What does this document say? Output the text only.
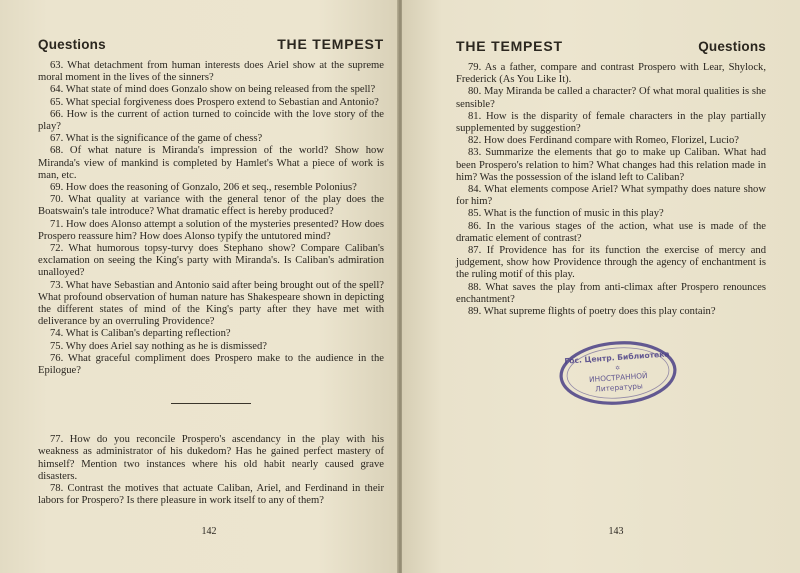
Questions	THE TEMPEST

63. What detachment from human interests does Ariel show at the supreme moral moment in the lives of the sinners?

64. What state of mind does Gonzalo show on being released from the spell?

65. What special forgiveness does Prospero extend to Sebastian and Antonio?

66. How is the current of action turned to coincide with the love story of the play?

67. What is the significance of the game of chess?

68. Of what nature is Miranda's impression of the world? Show how Miranda's view of mankind is completed by Hamlet's What a piece of work is man, etc.

69. How does the reasoning of Gonzalo, 206 et seq., resemble Polonius?

70. What quality at variance with the general tenor of the play does the Boatswain's tale introduce? What dramatic effect is hereby produced?

71. How does Alonso attempt a solution of the mysteries presented? How does Prospero reassure him? How does Alonso typify the untutored mind?

72. What humorous topsy-turvy does Stephano show? Compare Caliban's exclamation on seeing the King's party with Miranda's. Is Caliban's admiration unalloyed?

73. What have Sebastian and Antonio said after being brought out of the spell? What profound observation of human nature has Shakespeare shown in depicting the different states of mind of the King's party after they have met with deliverance by an overruling Providence?

74. What is Caliban's departing reflection?

75. Why does Ariel say nothing as he is dismissed?

76. What graceful compliment does Prospero make to the audience in the Epilogue?

77. How do you reconcile Prospero's ascendancy in the play with his weakness as administrator of his dukedom? Has he gained perfect mastery of himself? Mention two instances where his old habit nearly caused grave disasters.

78. Contrast the motives that actuate Caliban, Ariel, and Ferdinand in their labors for Prospero? Is there pleasure in work itself to any of them?

142
THE TEMPEST	Questions

79. As a father, compare and contrast Prospero with Lear, Shylock, Frederick (As You Like It).

80. May Miranda be called a character? Of what moral qualities is she sensible?

81. How is the disparity of female characters in the play partially supplemented by suggestion?

82. How does Ferdinand compare with Romeo, Florizel, Lucio?

83. Summarize the elements that go to make up Caliban. What had been Prospero's relation to him? What changes had this relation made in him? Was the possession of the island left to Caliban?

84. What elements compose Ariel? What sympathy does nature show for him?

85. What is the function of music in this play?

86. In the various stages of the action, what use is made of the dramatic element of contrast?

87. If Providence has for its function the exercise of mercy and judgement, show how Providence through the agency of enchantment is the ruling motif of this play.

88. What saves the play from anti-climax after Prospero renounces enchantment?

89. What supreme flights of poetry does this play contain?

143
Гос. Центр. Библиотека
✡
ИНОСТРАННОЙ
Литературы
